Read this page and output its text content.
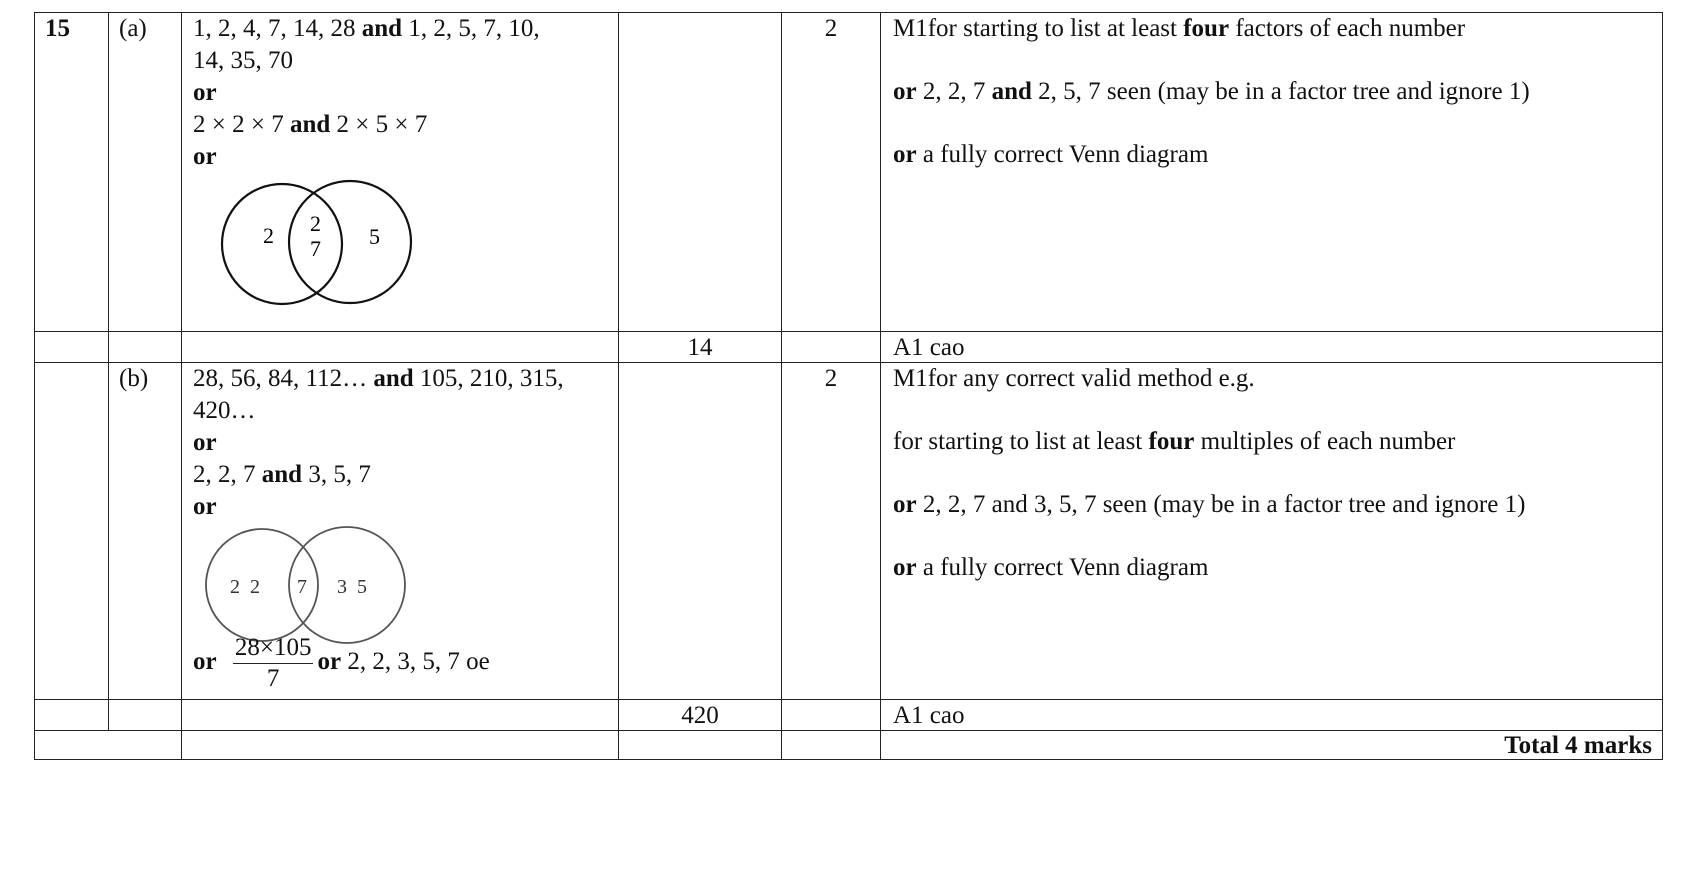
15	(a)	1, 2, 4, 7, 14, 28 and 1, 2, 5, 7, 10,
14, 35, 70
or
2 × 2 × 7 and 2 × 5 × 7
or
2 2
7 5
2	M1for starting to list at least four factors of each number
or 2, 2, 7 and 2, 5, 7 seen (may be in a factor tree and ignore 1)
or a fully correct Venn diagram
14	A1 cao
(b)	28, 56, 84, 112… and 105, 210, 315,
420…
or
2, 2, 7 and 3, 5, 7
or
2  2 7 3  5
or $\frac{28\times 105}{7}$ or 2, 2, 3, 5, 7 oe
2	M1for any correct valid method e.g.
for starting to list at least four multiples of each number
or 2, 2, 7 and 3, 5, 7 seen (may be in a factor tree and ignore 1)
or a fully correct Venn diagram
420	A1 cao
Total 4 marks
